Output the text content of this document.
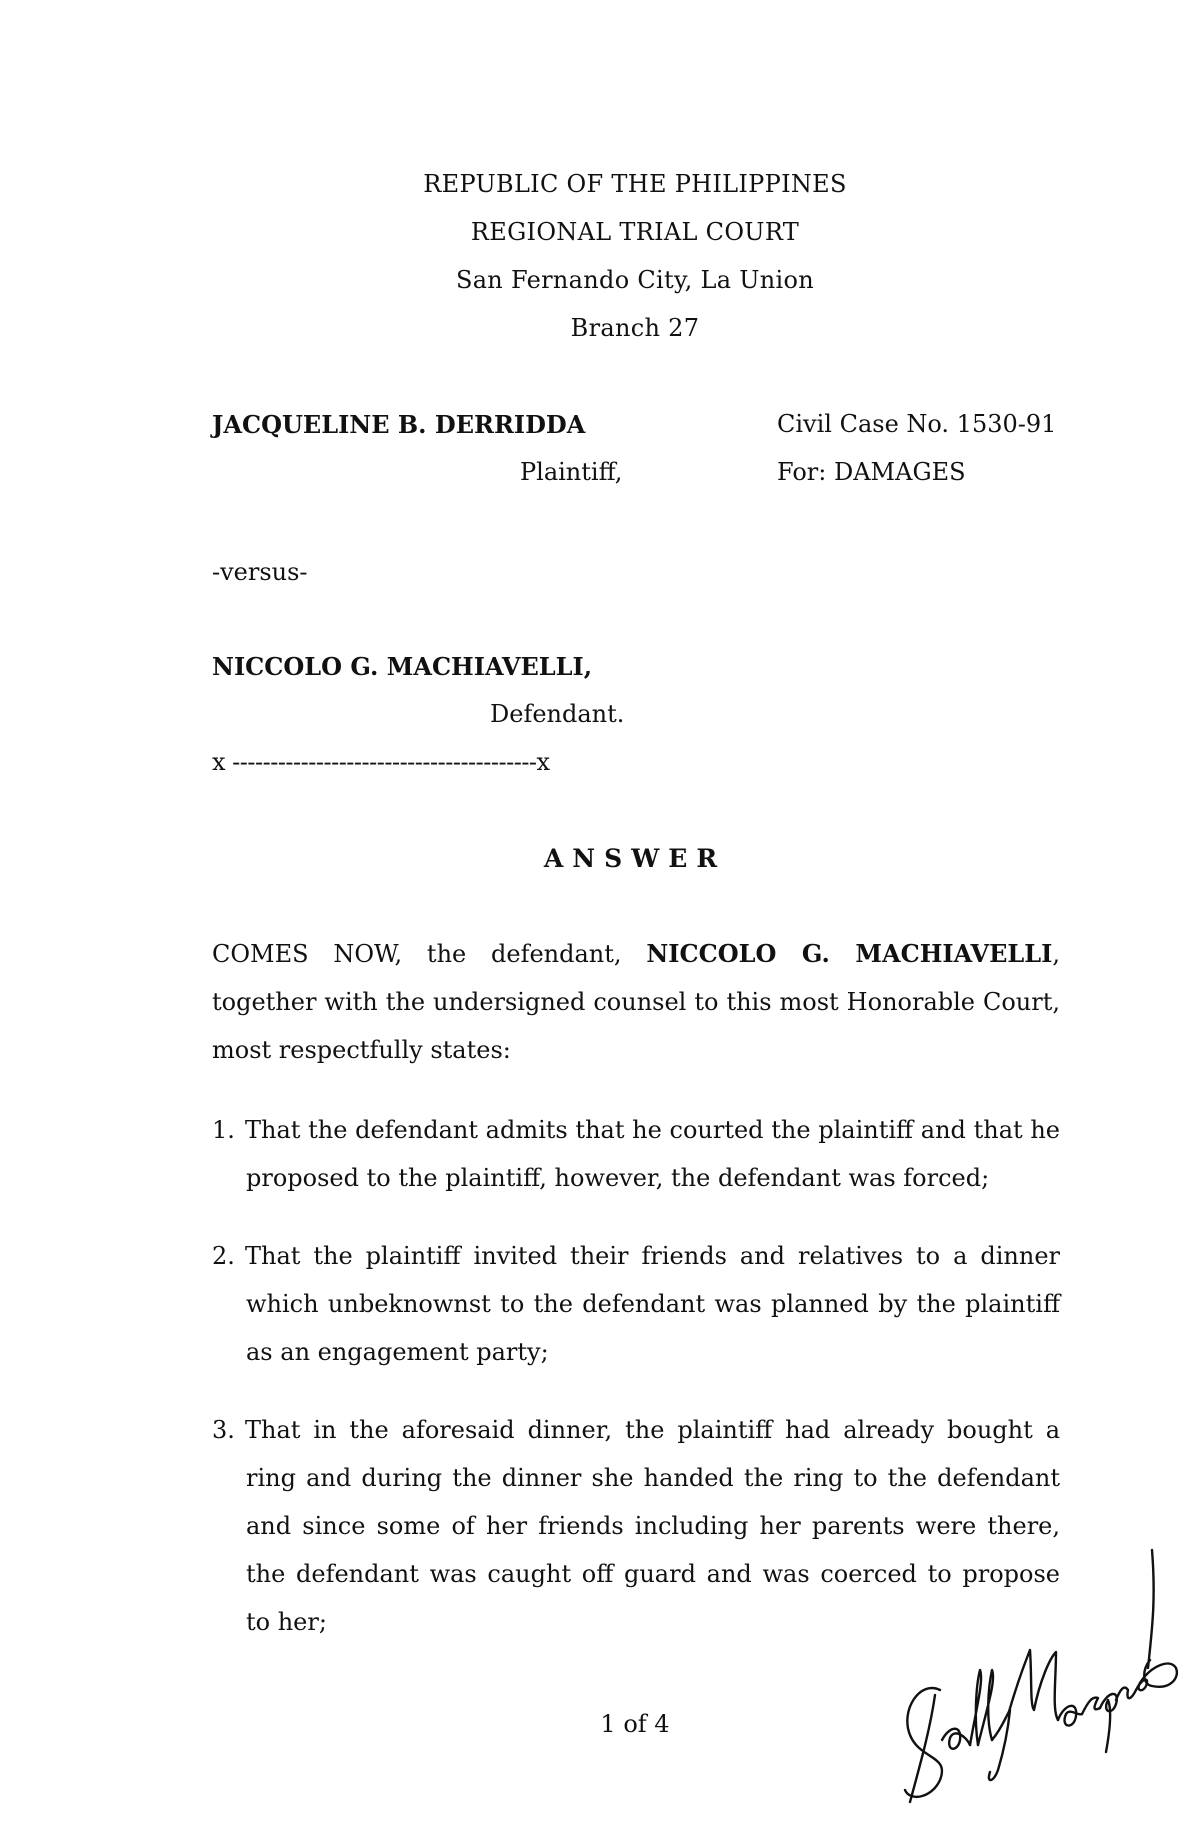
REPUBLIC OF THE PHILIPPINES
REGIONAL TRIAL COURT
San Fernando City, La Union
Branch 27
JACQUELINE B. DERRIDDA
Plaintiff,
Civil Case No. 1530-91
For: DAMAGES
-versus-
NICCOLO G. MACHIAVELLI,
Defendant.
x ----------------------------------------x
ANSWER

COMES NOW, the defendant, NICCOLO G. MACHIAVELLI, together with the undersigned counsel to this most Honorable Court, most respectfully states:

1. That the defendant admits that he courted the plaintiff and that he proposed to the plaintiff, however, the defendant was forced;
2. That the plaintiff invited their friends and relatives to a dinner which unbeknownst to the defendant was planned by the plaintiff as an engagement party;
3. That in the aforesaid dinner, the plaintiff had already bought a ring and during the dinner she handed the ring to the defendant and since some of her friends including her parents were there, the defendant was caught off guard and was coerced to propose to her;
1 of 4
